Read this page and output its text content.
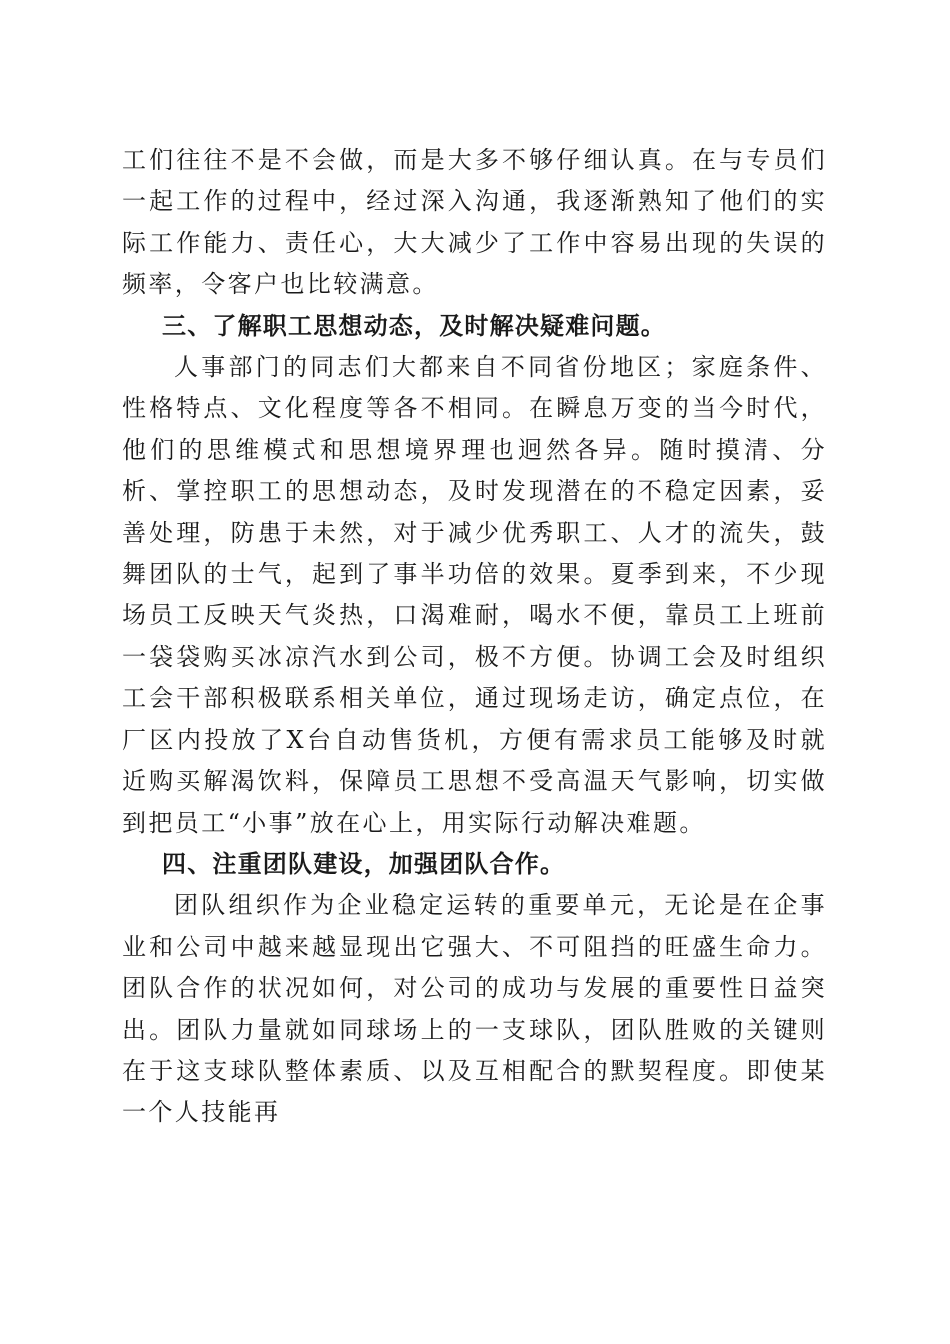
工们往往不是不会做，而是大多不够仔细认真。在与专员们一起工作的过程中，经过深入沟通，我逐渐熟知了他们的实际工作能力、责任心，大大减少了工作中容易出现的失误的频率，令客户也比较满意。

三、了解职工思想动态，及时解决疑难问题。

人事部门的同志们大都来自不同省份地区；家庭条件、性格特点、文化程度等各不相同。在瞬息万变的当今时代，他们的思维模式和思想境界理也迥然各异。随时摸清、分析、掌控职工的思想动态，及时发现潜在的不稳定因素，妥善处理，防患于未然，对于减少优秀职工、人才的流失，鼓舞团队的士气，起到了事半功倍的效果。夏季到来，不少现场员工反映天气炎热，口渴难耐，喝水不便，靠员工上班前一袋袋购买冰凉汽水到公司，极不方便。协调工会及时组织工会干部积极联系相关单位，通过现场走访，确定点位，在厂区内投放了X台自动售货机，方便有需求员工能够及时就近购买解渴饮料，保障员工思想不受高温天气影响，切实做到把员工“小事”放在心上，用实际行动解决难题。

四、注重团队建设，加强团队合作。

团队组织作为企业稳定运转的重要单元，无论是在企事业和公司中越来越显现出它强大、不可阻挡的旺盛生命力。团队合作的状况如何，对公司的成功与发展的重要性日益突出。团队力量就如同球场上的一支球队，团队胜败的关键则在于这支球队整体素质、以及互相配合的默契程度。即使某一个人技能再
